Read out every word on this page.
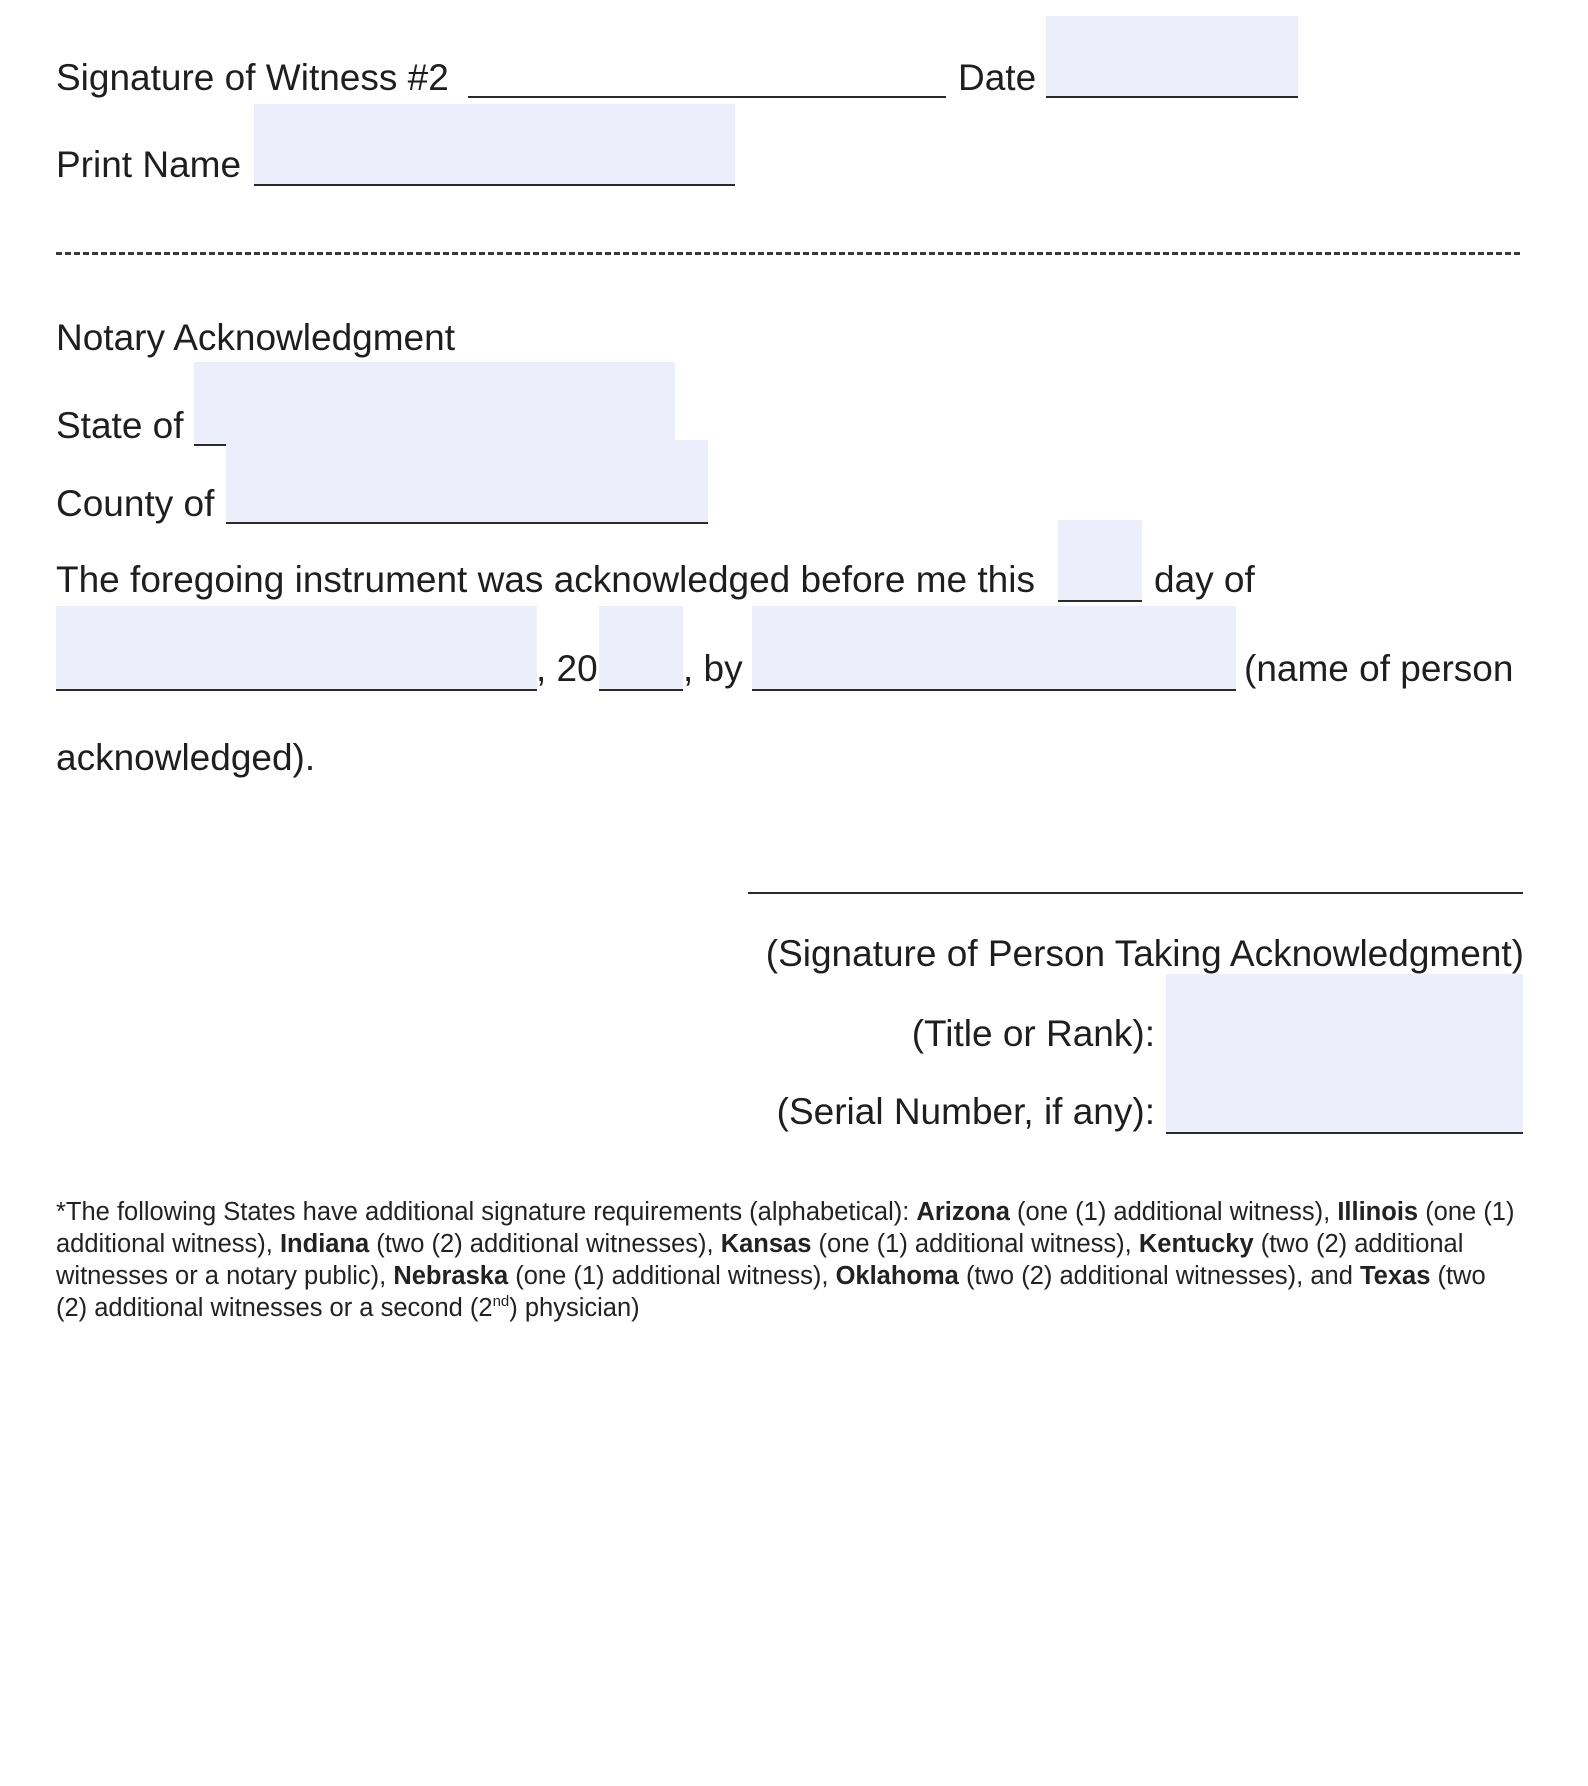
Signature of Witness #2	Date
Print Name
Notary Acknowledgment
State of
County of
The foregoing instrument was acknowledged before me this	day of
, 20 , by	(name of person
acknowledged).
(Signature of Person Taking Acknowledgment)
(Title or Rank):
(Serial Number, if any):
*The following States have additional signature requirements (alphabetical): Arizona (one (1) additional witness), Illinois (one (1) additional witness), Indiana (two (2) additional witnesses), Kansas (one (1) additional witness), Kentucky (two (2) additional witnesses or a notary public), Nebraska (one (1) additional witness), Oklahoma (two (2) additional witnesses), and Texas (two (2) additional witnesses or a second (2nd) physician)
